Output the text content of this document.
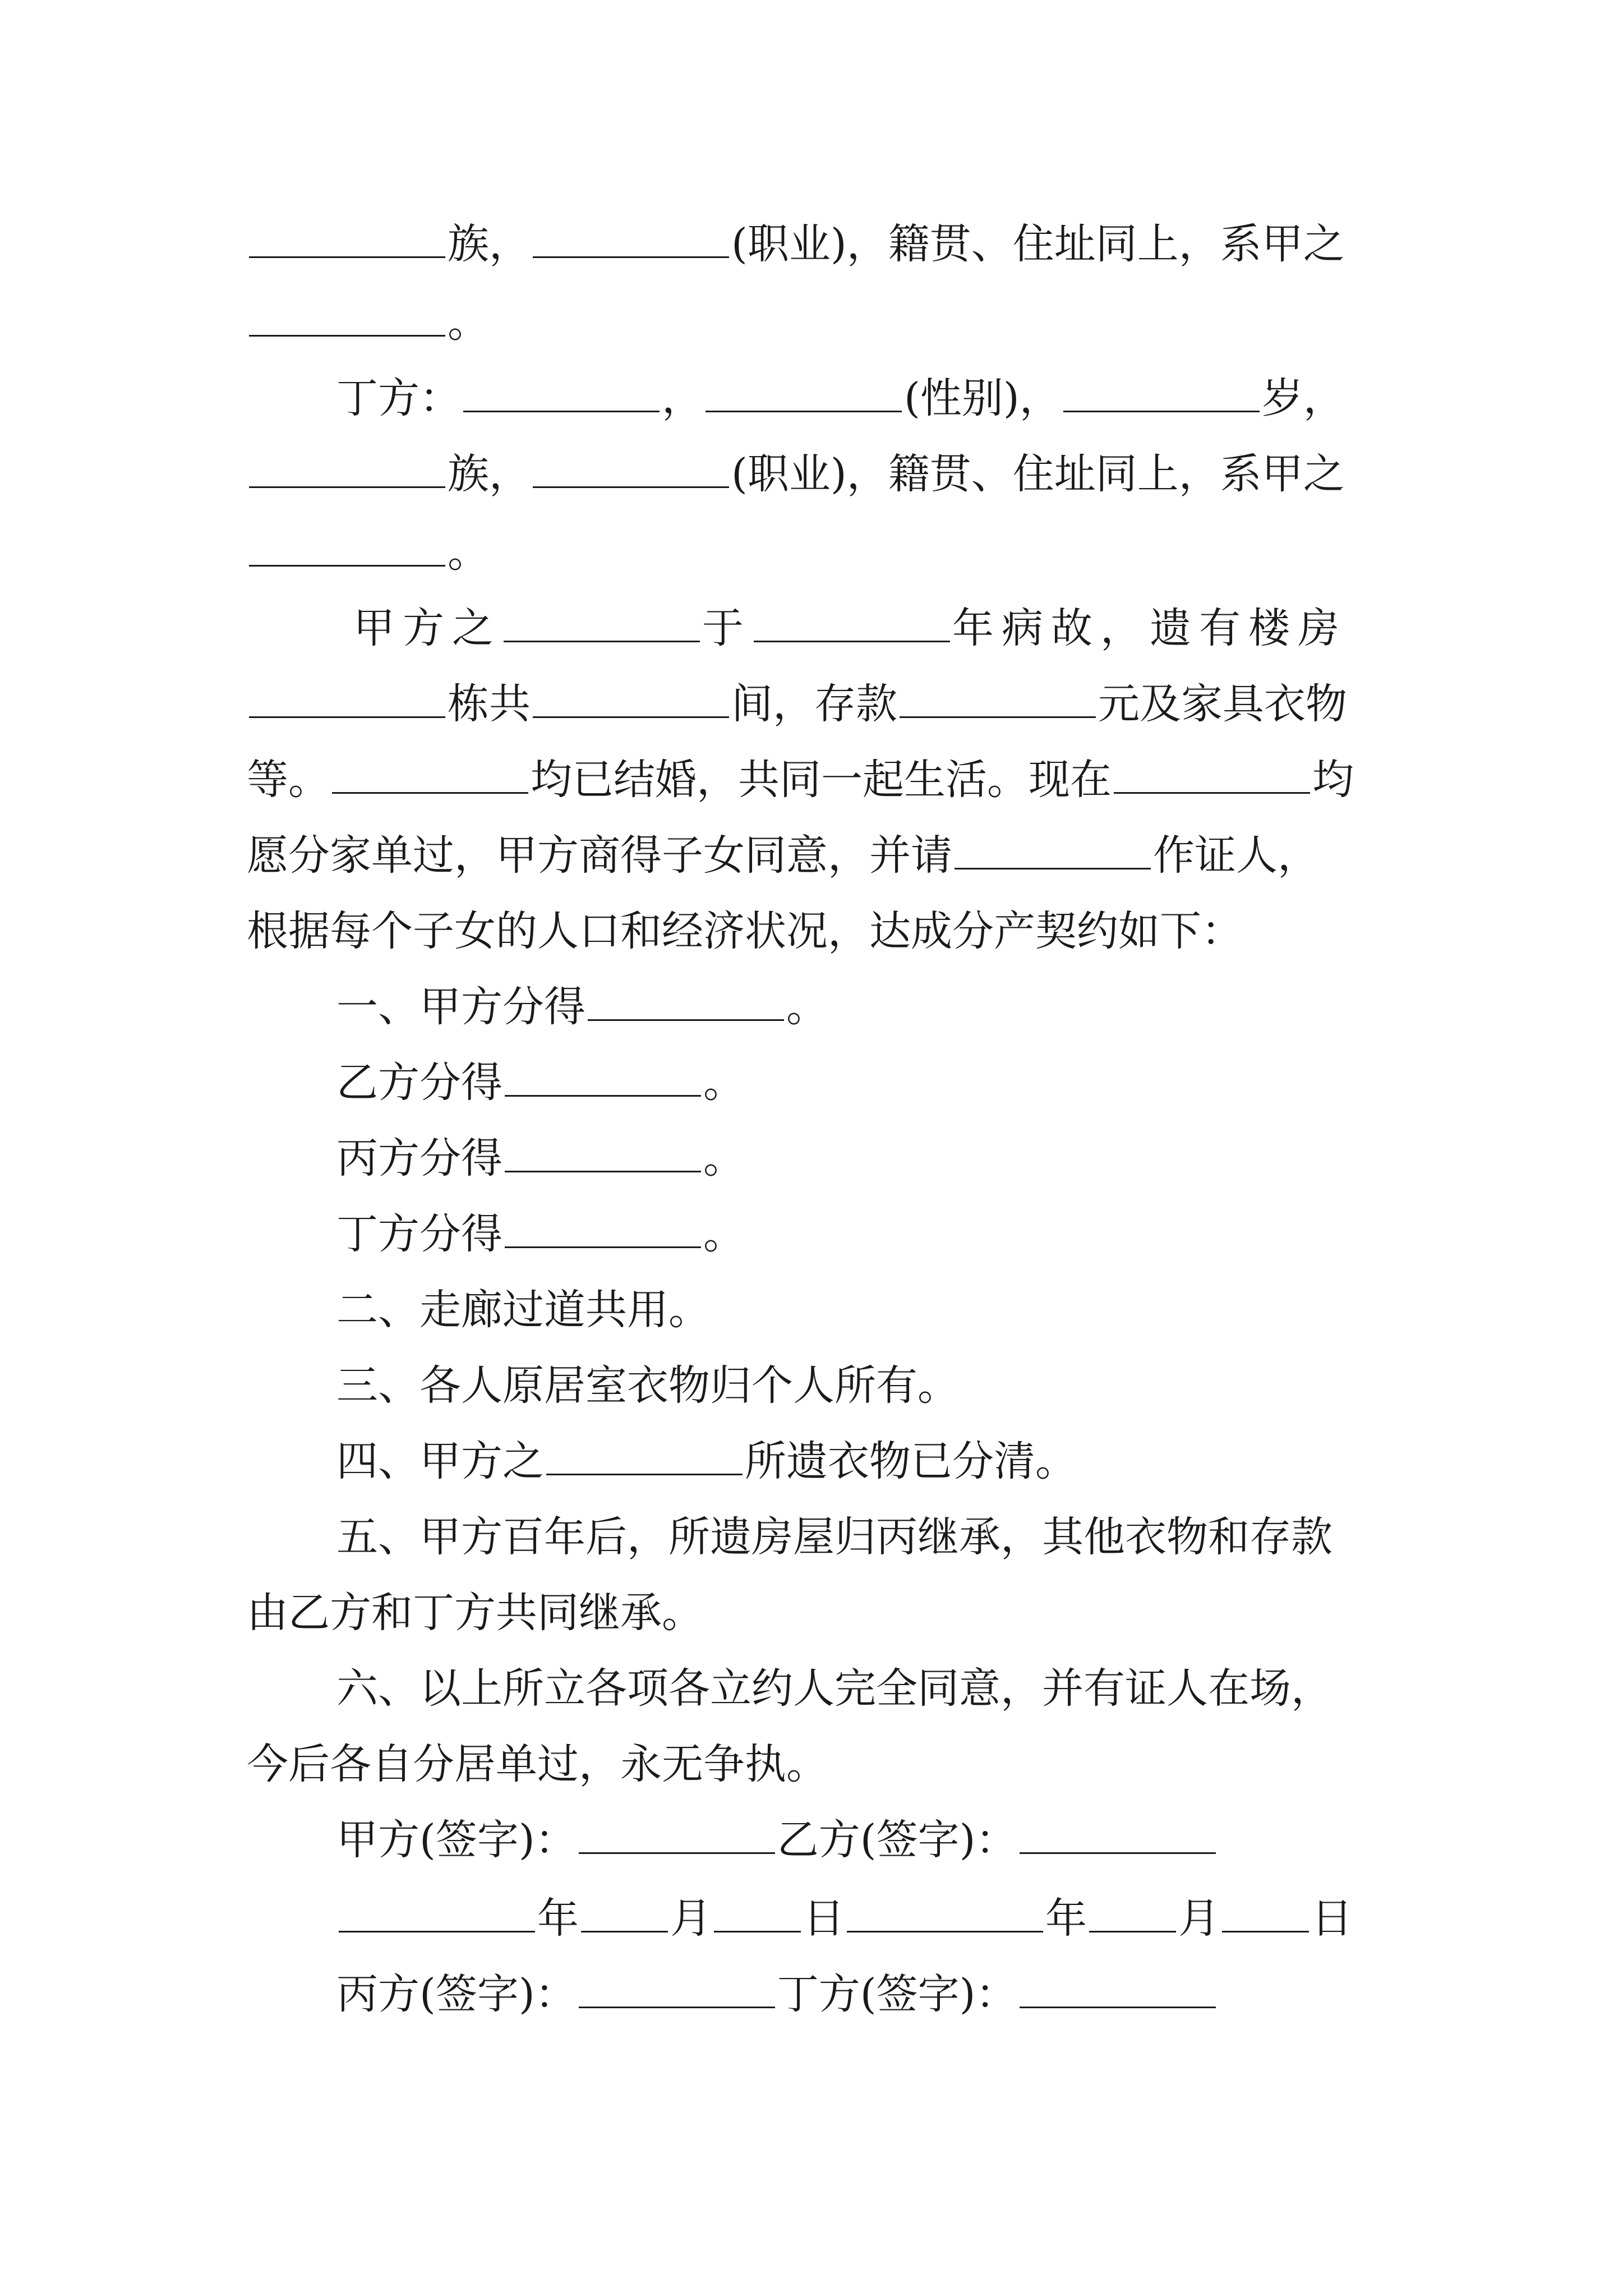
族，	(职业)，籍贯、住址同上，系甲之
。
丁方：	，	(性别)，	岁，
族，	(职业)，籍贯、住址同上，系甲之
。
甲方之	于	年病故，遗有楼房
栋共	间，存款	元及家具衣物
等。	均已结婚，共同一起生活。现在	均
愿分家单过，甲方商得子女同意，并请	作证人，
根据每个子女的人口和经济状况，达成分产契约如下：
一、甲方分得	。
乙方分得	。
丙方分得	。
丁方分得	。
二、走廊过道共用。
三、各人原居室衣物归个人所有。
四、甲方之	所遗衣物已分清。
五、甲方百年后，所遗房屋归丙继承，其他衣物和存款
由乙方和丁方共同继承。
六、以上所立各项各立约人完全同意，并有证人在场，
今后各自分居单过，永无争执。
甲方(签字)：	乙方(签字)：
年 月 日	年 月 日
丙方(签字)：	丁方(签字)：
